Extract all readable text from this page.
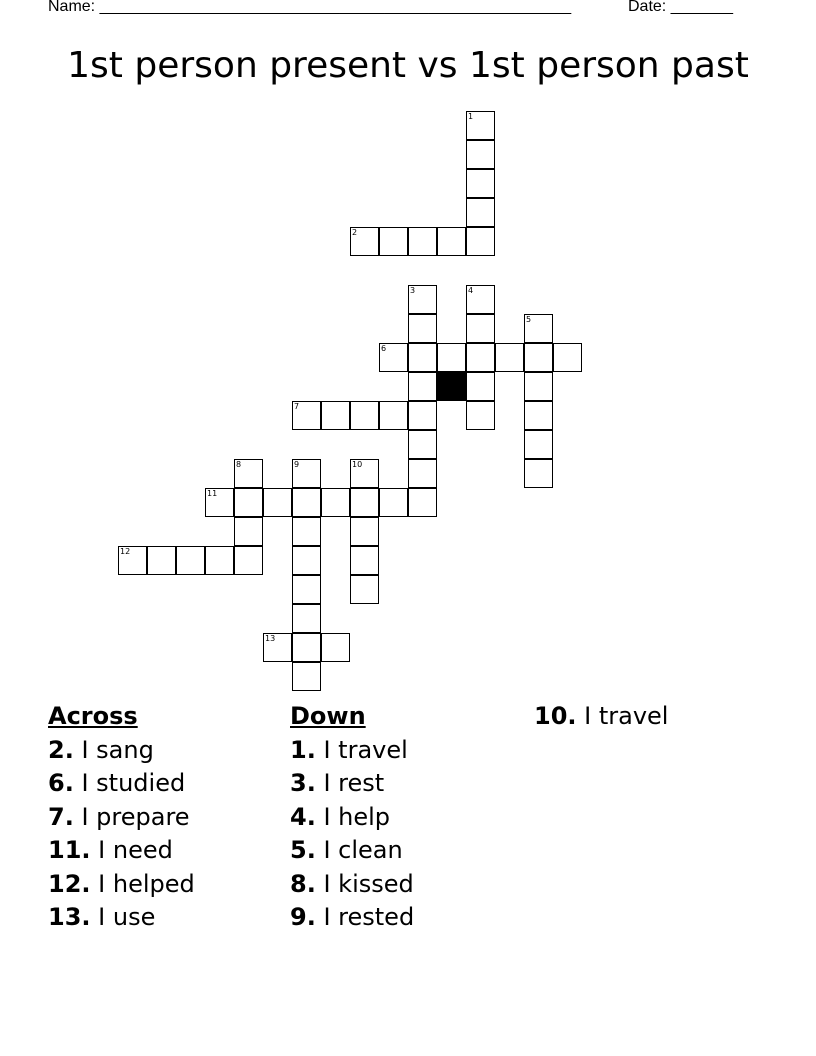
Name: _____________________________________________________	Date: _______
1st person present vs 1st person past
1
2
3	4
5
6
7
8	9	10
11
12
13
Across
2. I sang
6. I studied
7. I prepare
11. I need
12. I helped
13. I use
Down
1. I travel
3. I rest
4. I help
5. I clean
8. I kissed
9. I rested
10. I travel
